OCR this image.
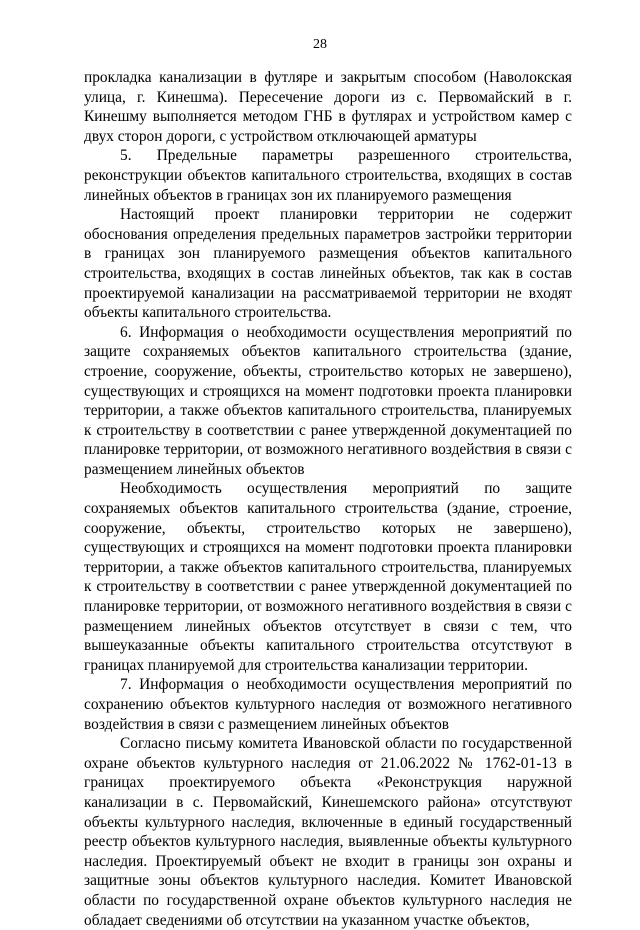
28

прокладка канализации в футляре и закрытым способом (Наволокская улица, г. Кинешма). Пересечение дороги из с. Первомайский в г. Кинешму выполняется методом ГНБ в футлярах и устройством камер с двух сторон дороги, с устройством отключающей арматуры

5. Предельные параметры разрешенного строительства, реконструкции объектов капитального строительства, входящих в состав линейных объектов в границах зон их планируемого размещения

Настоящий проект планировки территории не содержит обоснования определения предельных параметров застройки территории в границах зон планируемого размещения объектов капитального строительства, входящих в состав линейных объектов, так как в состав проектируемой канализации на рассматриваемой территории не входят объекты капитального строительства.

6. Информация о необходимости осуществления мероприятий по защите сохраняемых объектов капитального строительства (здание, строение, сооружение, объекты, строительство которых не завершено), существующих и строящихся на момент подготовки проекта планировки территории, а также объектов капитального строительства, планируемых к строительству в соответствии с ранее утвержденной документацией по планировке территории, от возможного негативного воздействия в связи с размещением линейных объектов

Необходимость осуществления мероприятий по защите сохраняемых объектов капитального строительства (здание, строение, сооружение, объекты, строительство которых не завершено), существующих и строящихся на момент подготовки проекта планировки территории, а также объектов капитального строительства, планируемых к строительству в соответствии с ранее утвержденной документацией по планировке территории, от возможного негативного воздействия в связи с размещением линейных объектов отсутствует в связи с тем, что вышеуказанные объекты капитального строительства отсутствуют в границах планируемой для строительства канализации территории.

7. Информация о необходимости осуществления мероприятий по сохранению объектов культурного наследия от возможного негативного воздействия в связи с размещением линейных объектов

Согласно письму комитета Ивановской области по государственной охране объектов культурного наследия от 21.06.2022 № 1762-01-13 в границах проектируемого объекта «Реконструкция наружной канализации в с. Первомайский, Кинешемского района» отсутствуют объекты культурного наследия, включенные в единый государственный реестр объектов культурного наследия, выявленные объекты культурного наследия. Проектируемый объект не входит в границы зон охраны и защитные зоны объектов культурного наследия. Комитет Ивановской области по государственной охране объектов культурного наследия не обладает сведениями об отсутствии на указанном участке объектов,
